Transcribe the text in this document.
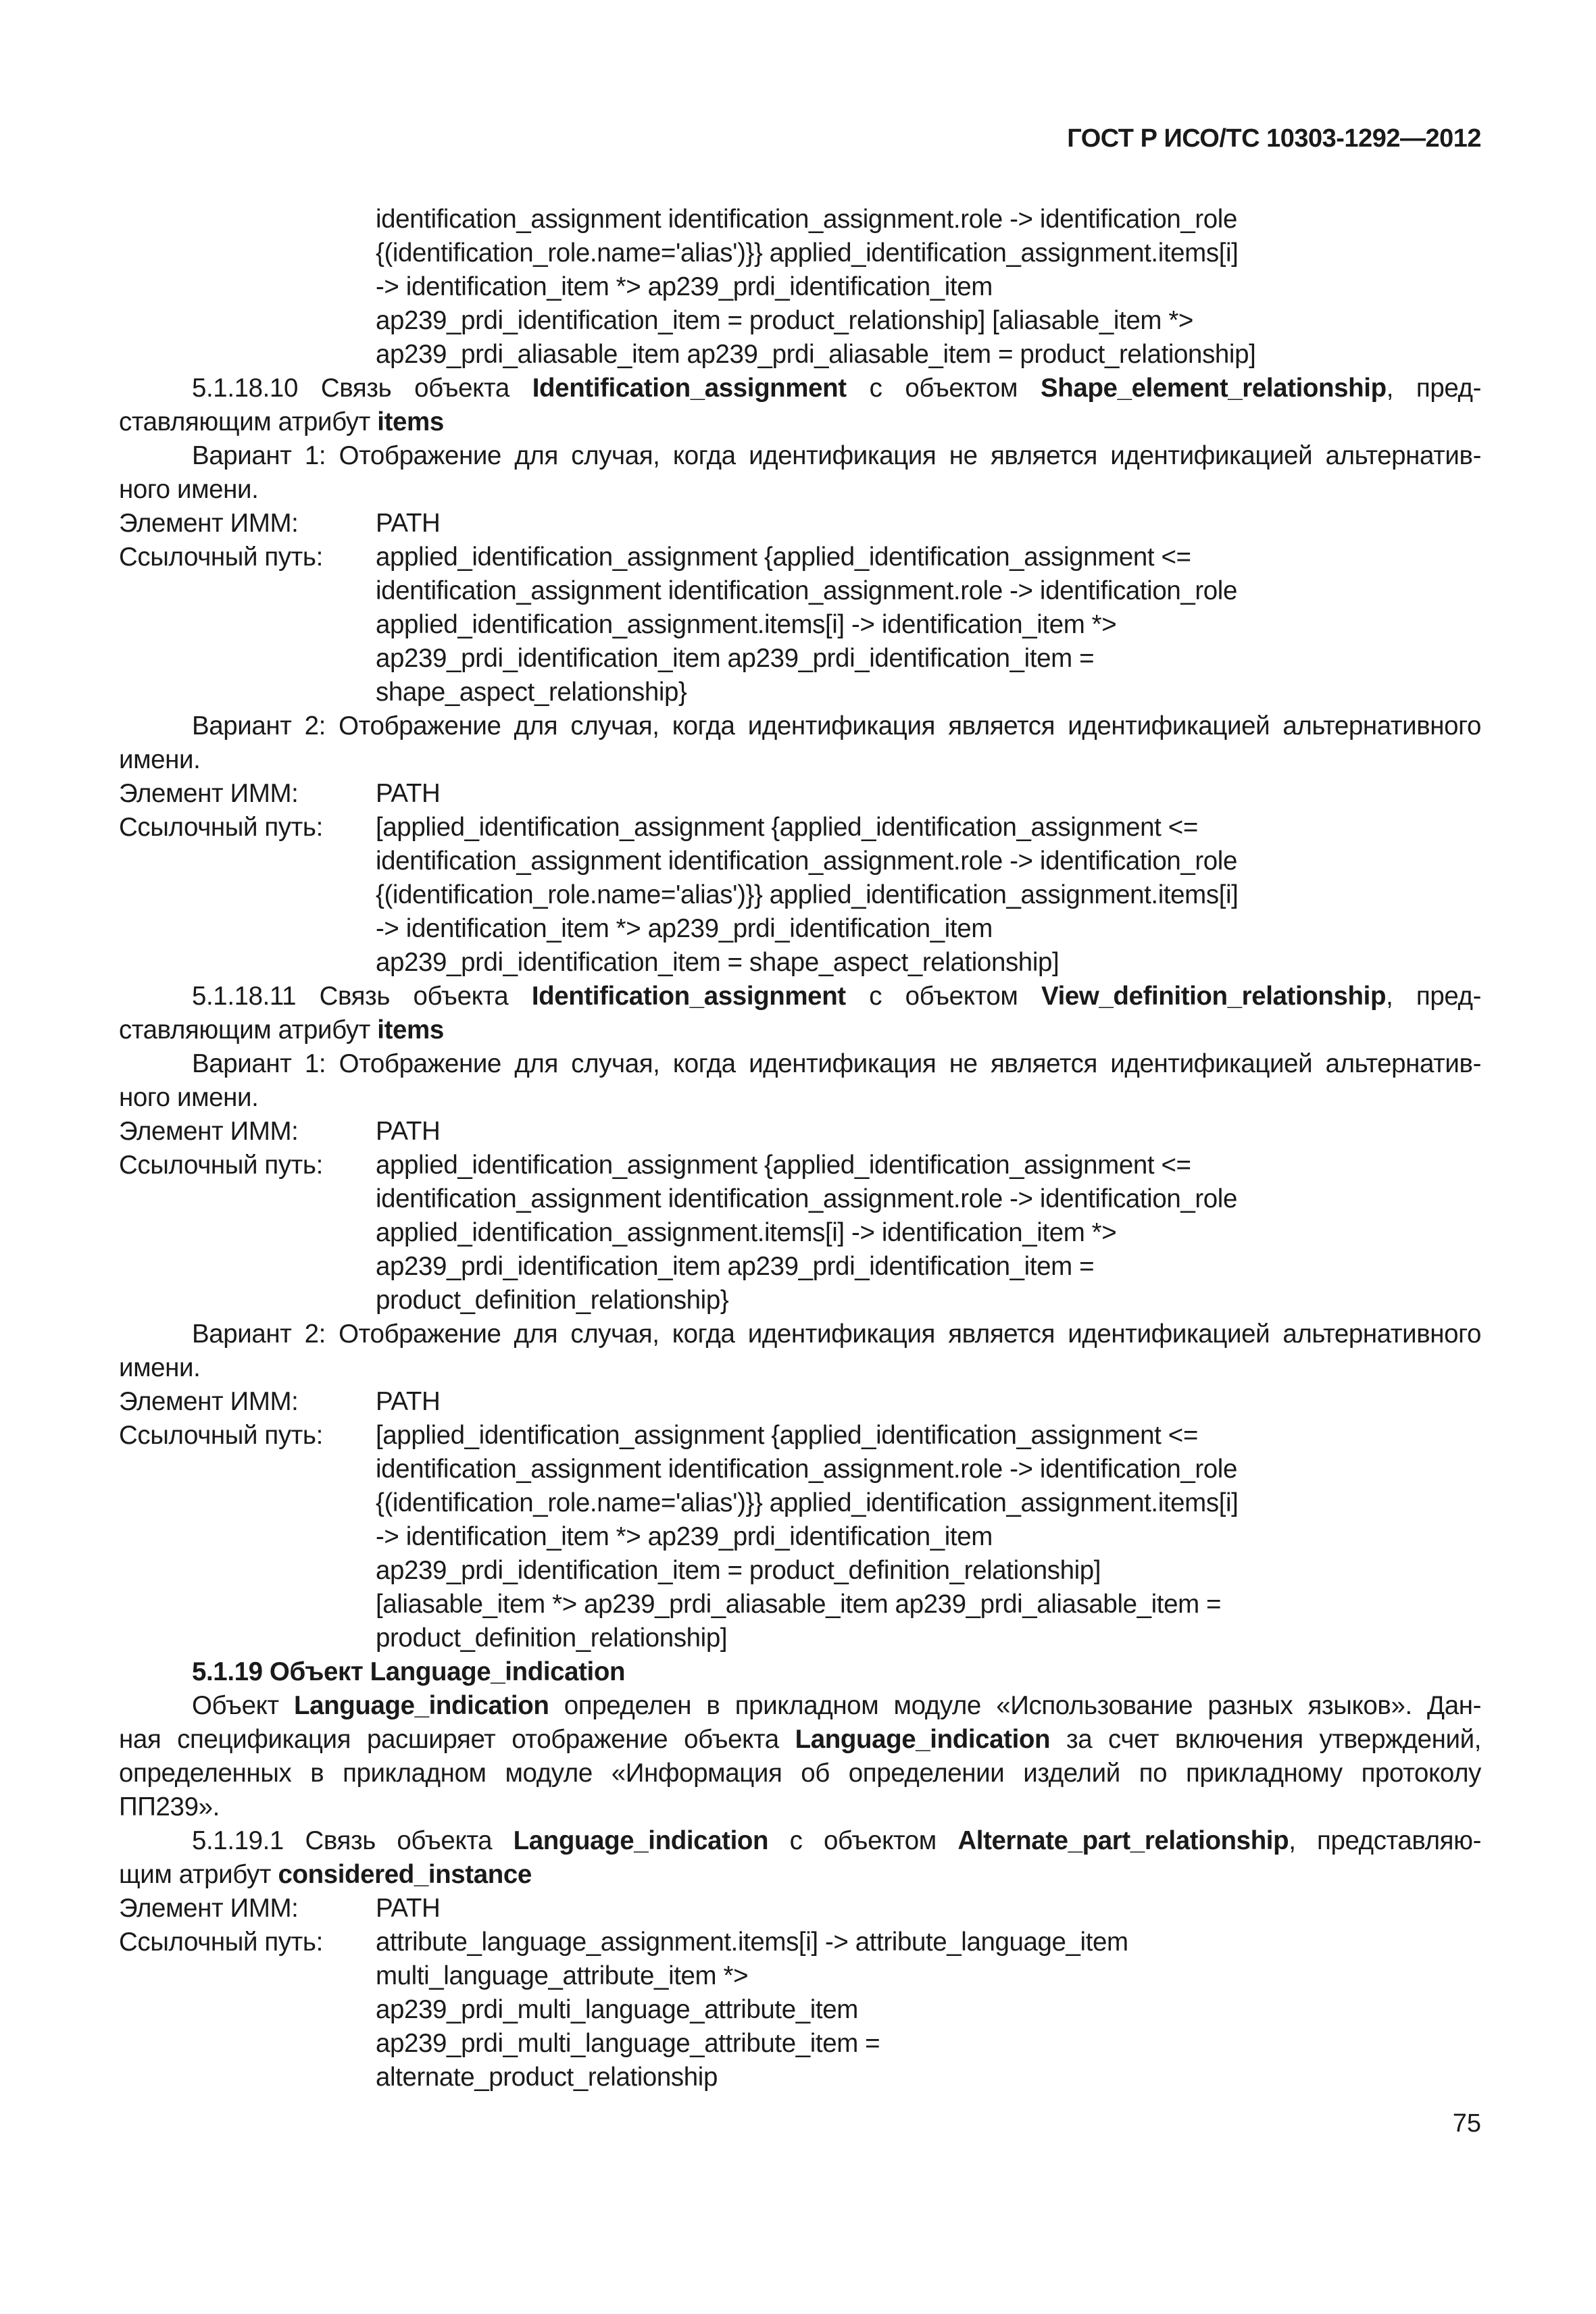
ГОСТ Р ИСО/ТС 10303-1292—2012
identification_assignment identification_assignment.role -> identification_role
{(identification_role.name='alias')}} applied_identification_assignment.items[i]
-> identification_item *> ap239_prdi_identification_item
ap239_prdi_identification_item = product_relationship] [aliasable_item *>
ap239_prdi_aliasable_item ap239_prdi_aliasable_item = product_relationship]
5.1.18.10 Связь объекта Identification_assignment с объектом Shape_element_relationship, пред-
ставляющим атрибут items
Вариант 1: Отображение для случая, когда идентификация не является идентификацией альтернатив-
ного имени.
Элемент ИММ:	PATH
Ссылочный путь: applied_identification_assignment {applied_identification_assignment <=
identification_assignment identification_assignment.role -> identification_role
applied_identification_assignment.items[i] -> identification_item *>
ap239_prdi_identification_item ap239_prdi_identification_item =
shape_aspect_relationship}
Вариант 2: Отображение для случая, когда идентификация является идентификацией альтернативного
имени.
Элемент ИММ:	PATH
Ссылочный путь: [applied_identification_assignment {applied_identification_assignment <=
identification_assignment identification_assignment.role -> identification_role
{(identification_role.name='alias')}} applied_identification_assignment.items[i]
-> identification_item *> ap239_prdi_identification_item
ap239_prdi_identification_item = shape_aspect_relationship]
5.1.18.11 Связь объекта Identification_assignment с объектом View_definition_relationship, пред-
ставляющим атрибут items
Вариант 1: Отображение для случая, когда идентификация не является идентификацией альтернатив-
ного имени.
Элемент ИММ:	PATH
Ссылочный путь: applied_identification_assignment {applied_identification_assignment <=
identification_assignment identification_assignment.role -> identification_role
applied_identification_assignment.items[i] -> identification_item *>
ap239_prdi_identification_item ap239_prdi_identification_item =
product_definition_relationship}
Вариант 2: Отображение для случая, когда идентификация является идентификацией альтернативного
имени.
Элемент ИММ:	PATH
Ссылочный путь: [applied_identification_assignment {applied_identification_assignment <=
identification_assignment identification_assignment.role -> identification_role
{(identification_role.name='alias')}} applied_identification_assignment.items[i]
-> identification_item *> ap239_prdi_identification_item
ap239_prdi_identification_item = product_definition_relationship]
[aliasable_item *> ap239_prdi_aliasable_item ap239_prdi_aliasable_item =
product_definition_relationship]
5.1.19 Объект Language_indication
Объект Language_indication определен в прикладном модуле «Использование разных языков». Дан-
ная спецификация расширяет отображение объекта Language_indication за счет включения утверждений,
определенных в прикладном модуле «Информация об определении изделий по прикладному протоколу
ПП239».
5.1.19.1 Связь объекта Language_indication с объектом Alternate_part_relationship, представляю-
щим атрибут considered_instance
Элемент ИММ:	PATH
Ссылочный путь: attribute_language_assignment.items[i] -> attribute_language_item
multi_language_attribute_item *>
ap239_prdi_multi_language_attribute_item
ap239_prdi_multi_language_attribute_item =
alternate_product_relationship
75
